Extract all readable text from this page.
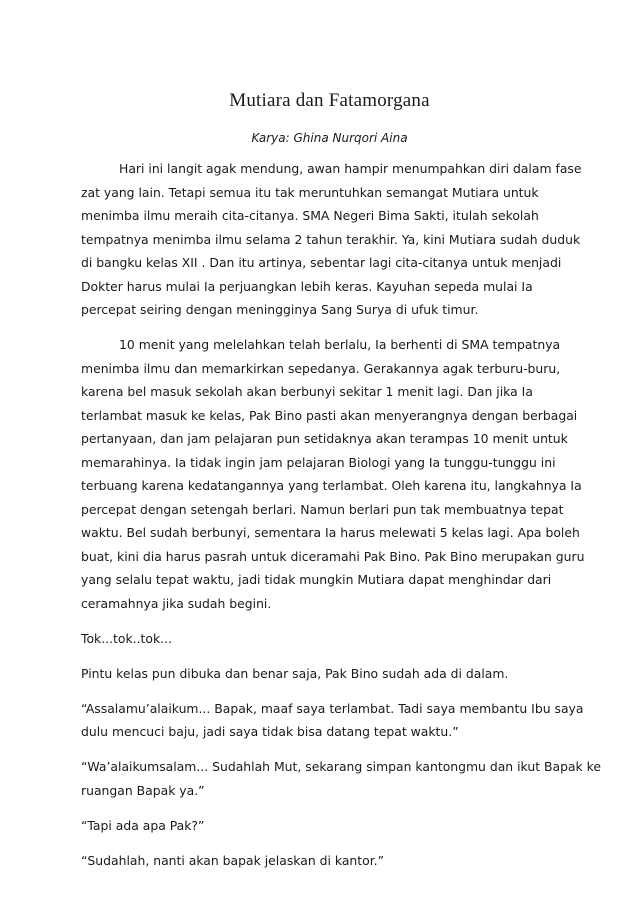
Mutiara dan Fatamorgana
Karya: Ghina Nurqori Aina
Hari ini langit agak mendung, awan hampir menumpahkan diri dalam fase
zat yang lain. Tetapi semua itu tak meruntuhkan semangat Mutiara untuk
menimba ilmu meraih cita-citanya. SMA Negeri Bima Sakti, itulah sekolah
tempatnya menimba ilmu selama 2 tahun terakhir. Ya, kini Mutiara sudah duduk
di bangku kelas XII . Dan itu artinya, sebentar lagi cita-citanya untuk menjadi
Dokter harus mulai Ia perjuangkan lebih keras. Kayuhan sepeda mulai Ia
percepat seiring dengan meningginya Sang Surya di ufuk timur.
10 menit yang melelahkan telah berlalu, Ia berhenti di SMA tempatnya
menimba ilmu dan memarkirkan sepedanya. Gerakannya agak terburu-buru,
karena bel masuk sekolah akan berbunyi sekitar 1 menit lagi. Dan jika Ia
terlambat masuk ke kelas, Pak Bino pasti akan menyerangnya dengan berbagai
pertanyaan, dan jam pelajaran pun setidaknya akan terampas 10 menit untuk
memarahinya. Ia tidak ingin jam pelajaran Biologi yang Ia tunggu-tunggu ini
terbuang karena kedatangannya yang terlambat. Oleh karena itu, langkahnya Ia
percepat dengan setengah berlari. Namun berlari pun tak membuatnya tepat
waktu. Bel sudah berbunyi, sementara Ia harus melewati 5 kelas lagi. Apa boleh
buat, kini dia harus pasrah untuk diceramahi Pak Bino. Pak Bino merupakan guru
yang selalu tepat waktu, jadi tidak mungkin Mutiara dapat menghindar dari
ceramahnya jika sudah begini.
Tok...tok..tok...
Pintu kelas pun dibuka dan benar saja, Pak Bino sudah ada di dalam.
“Assalamu’alaikum... Bapak, maaf saya terlambat. Tadi saya membantu Ibu saya
dulu mencuci baju, jadi saya tidak bisa datang tepat waktu.”
“Wa’alaikumsalam... Sudahlah Mut, sekarang simpan kantongmu dan ikut Bapak ke
ruangan Bapak ya.”
“Tapi ada apa Pak?”
“Sudahlah, nanti akan bapak jelaskan di kantor.”
